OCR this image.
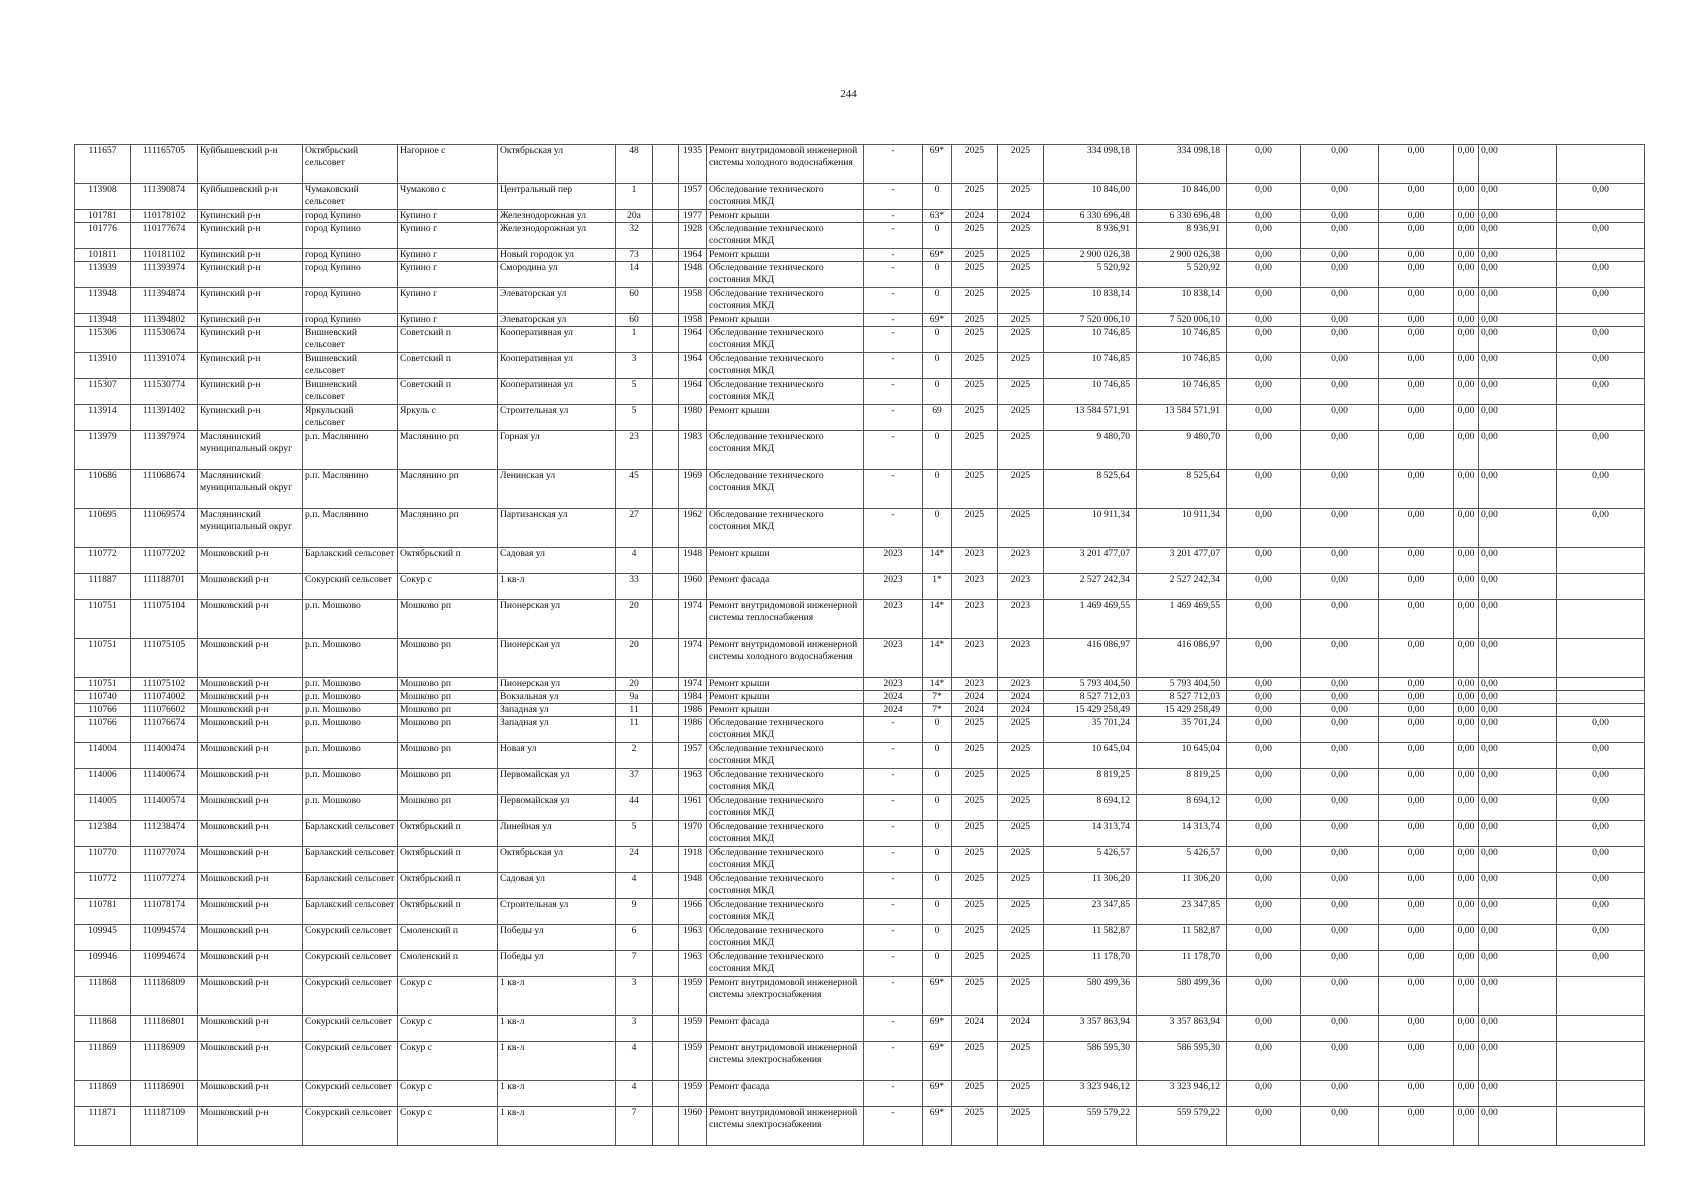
244
111657	111165705	Куйбышевский р-н	Октябрьский сельсовет	Нагорное с	Октябрьская ул	48		1935	Ремонт внутридомовой инженерной системы холодного водоснабжения	-	69*	2025	2025	334 098,18	334 098,18	0,00	0,00	0,00	0,00	0,00	
113908	111390874	Куйбышевский р-н	Чумаковский сельсовет	Чумаково с	Центральный пер	1		1957	Обследование технического состояния МКД	-	0	2025	2025	10 846,00	10 846,00	0,00	0,00	0,00	0,00	0,00	0,00
101781	110178102	Купинский р-н	город Купино	Купино г	Железнодорожная ул	20а		1977	Ремонт крыши	-	63*	2024	2024	6 330 696,48	6 330 696,48	0,00	0,00	0,00	0,00	0,00	
101776	110177674	Купинский р-н	город Купино	Купино г	Железнодорожная ул	32		1928	Обследование технического состояния МКД	-	0	2025	2025	8 936,91	8 936,91	0,00	0,00	0,00	0,00	0,00	0,00
101811	110181102	Купинский р-н	город Купино	Купино г	Новый городок ул	73		1964	Ремонт крыши	-	69*	2025	2025	2 900 026,38	2 900 026,38	0,00	0,00	0,00	0,00	0,00	
113939	111393974	Купинский р-н	город Купино	Купино г	Смородина ул	14		1948	Обследование технического состояния МКД	-	0	2025	2025	5 520,92	5 520,92	0,00	0,00	0,00	0,00	0,00	0,00
113948	111394874	Купинский р-н	город Купино	Купино г	Элеваторская ул	60		1958	Обследование технического состояния МКД	-	0	2025	2025	10 838,14	10 838,14	0,00	0,00	0,00	0,00	0,00	0,00
113948	111394802	Купинский р-н	город Купино	Купино г	Элеваторская ул	60		1958	Ремонт крыши	-	69*	2025	2025	7 520 006,10	7 520 006,10	0,00	0,00	0,00	0,00	0,00	
115306	111530674	Купинский р-н	Вишневский сельсовет	Советский п	Кооперативная ул	1		1964	Обследование технического состояния МКД	-	0	2025	2025	10 746,85	10 746,85	0,00	0,00	0,00	0,00	0,00	0,00
113910	111391074	Купинский р-н	Вишневский сельсовет	Советский п	Кооперативная ул	3		1964	Обследование технического состояния МКД	-	0	2025	2025	10 746,85	10 746,85	0,00	0,00	0,00	0,00	0,00	0,00
115307	111530774	Купинский р-н	Вишневский сельсовет	Советский п	Кооперативная ул	5		1964	Обследование технического состояния МКД	-	0	2025	2025	10 746,85	10 746,85	0,00	0,00	0,00	0,00	0,00	0,00
113914	111391402	Купинский р-н	Яркульский сельсовет	Яркуль с	Строительная ул	5		1980	Ремонт крыши	-	69	2025	2025	13 584 571,91	13 584 571,91	0,00	0,00	0,00	0,00	0,00	
113979	111397974	Маслянинский муниципальный округ	р.п. Маслянино	Маслянино рп	Горная ул	23		1983	Обследование технического состояния МКД	-	0	2025	2025	9 480,70	9 480,70	0,00	0,00	0,00	0,00	0,00	0,00
110686	111068674	Маслянинский муниципальный округ	р.п. Маслянино	Маслянино рп	Ленинская ул	45		1969	Обследование технического состояния МКД	-	0	2025	2025	8 525,64	8 525,64	0,00	0,00	0,00	0,00	0,00	0,00
110695	111069574	Маслянинский муниципальный округ	р.п. Маслянино	Маслянино рп	Партизанская ул	27		1962	Обследование технического состояния МКД	-	0	2025	2025	10 911,34	10 911,34	0,00	0,00	0,00	0,00	0,00	0,00
110772	111077202	Мошковский р-н	Барлакский сельсовет	Октябрьский п	Садовая ул	4		1948	Ремонт крыши	2023	14*	2023	2023	3 201 477,07	3 201 477,07	0,00	0,00	0,00	0,00	0,00	
111887	111188701	Мошковский р-н	Сокурский сельсовет	Сокур с	1 кв-л	33		1960	Ремонт фасада	2023	1*	2023	2023	2 527 242,34	2 527 242,34	0,00	0,00	0,00	0,00	0,00	
110751	111075104	Мошковский р-н	р.п. Мошково	Мошково рп	Пионерская ул	20		1974	Ремонт внутридомовой инженерной системы теплоснабжения	2023	14*	2023	2023	1 469 469,55	1 469 469,55	0,00	0,00	0,00	0,00	0,00	
110751	111075105	Мошковский р-н	р.п. Мошково	Мошково рп	Пионерская ул	20		1974	Ремонт внутридомовой инженерной системы холодного водоснабжения	2023	14*	2023	2023	416 086,97	416 086,97	0,00	0,00	0,00	0,00	0,00	
110751	111075102	Мошковский р-н	р.п. Мошково	Мошково рп	Пионерская ул	20		1974	Ремонт крыши	2023	14*	2023	2023	5 793 404,50	5 793 404,50	0,00	0,00	0,00	0,00	0,00	
110740	111074002	Мошковский р-н	р.п. Мошково	Мошково рп	Вокзальная ул	9а		1984	Ремонт крыши	2024	7*	2024	2024	8 527 712,03	8 527 712,03	0,00	0,00	0,00	0,00	0,00	
110766	111076602	Мошковский р-н	р.п. Мошково	Мошково рп	Западная ул	11		1986	Ремонт крыши	2024	7*	2024	2024	15 429 258,49	15 429 258,49	0,00	0,00	0,00	0,00	0,00	
110766	111076674	Мошковский р-н	р.п. Мошково	Мошково рп	Западная ул	11		1986	Обследование технического состояния МКД	-	0	2025	2025	35 701,24	35 701,24	0,00	0,00	0,00	0,00	0,00	0,00
114004	111400474	Мошковский р-н	р.п. Мошково	Мошково рп	Новая ул	2		1957	Обследование технического состояния МКД	-	0	2025	2025	10 645,04	10 645,04	0,00	0,00	0,00	0,00	0,00	0,00
114006	111400674	Мошковский р-н	р.п. Мошково	Мошково рп	Первомайская ул	37		1963	Обследование технического состояния МКД	-	0	2025	2025	8 819,25	8 819,25	0,00	0,00	0,00	0,00	0,00	0,00
114005	111400574	Мошковский р-н	р.п. Мошково	Мошково рп	Первомайская ул	44		1961	Обследование технического состояния МКД	-	0	2025	2025	8 694,12	8 694,12	0,00	0,00	0,00	0,00	0,00	0,00
112384	111238474	Мошковский р-н	Барлакский сельсовет	Октябрьский п	Линейная ул	5		1970	Обследование технического состояния МКД	-	0	2025	2025	14 313,74	14 313,74	0,00	0,00	0,00	0,00	0,00	0,00
110770	111077074	Мошковский р-н	Барлакский сельсовет	Октябрьский п	Октябрьская ул	24		1918	Обследование технического состояния МКД	-	0	2025	2025	5 426,57	5 426,57	0,00	0,00	0,00	0,00	0,00	0,00
110772	111077274	Мошковский р-н	Барлакский сельсовет	Октябрьский п	Садовая ул	4		1948	Обследование технического состояния МКД	-	0	2025	2025	11 306,20	11 306,20	0,00	0,00	0,00	0,00	0,00	0,00
110781	111078174	Мошковский р-н	Барлакский сельсовет	Октябрьский п	Строительная ул	9		1966	Обследование технического состояния МКД	-	0	2025	2025	23 347,85	23 347,85	0,00	0,00	0,00	0,00	0,00	0,00
109945	110994574	Мошковский р-н	Сокурский сельсовет	Смоленский п	Победы ул	6		1963	Обследование технического состояния МКД	-	0	2025	2025	11 582,87	11 582,87	0,00	0,00	0,00	0,00	0,00	0,00
109946	110994674	Мошковский р-н	Сокурский сельсовет	Смоленский п	Победы ул	7		1963	Обследование технического состояния МКД	-	0	2025	2025	11 178,70	11 178,70	0,00	0,00	0,00	0,00	0,00	0,00
111868	111186809	Мошковский р-н	Сокурский сельсовет	Сокур с	1 кв-л	3		1959	Ремонт внутридомовой инженерной системы электроснабжения	-	69*	2025	2025	580 499,36	580 499,36	0,00	0,00	0,00	0,00	0,00	
111868	111186801	Мошковский р-н	Сокурский сельсовет	Сокур с	1 кв-л	3		1959	Ремонт фасада	-	69*	2024	2024	3 357 863,94	3 357 863,94	0,00	0,00	0,00	0,00	0,00	
111869	111186909	Мошковский р-н	Сокурский сельсовет	Сокур с	1 кв-л	4		1959	Ремонт внутридомовой инженерной системы электроснабжения	-	69*	2025	2025	586 595,30	586 595,30	0,00	0,00	0,00	0,00	0,00	
111869	111186901	Мошковский р-н	Сокурский сельсовет	Сокур с	1 кв-л	4		1959	Ремонт фасада	-	69*	2025	2025	3 323 946,12	3 323 946,12	0,00	0,00	0,00	0,00	0,00	
111871	111187109	Мошковский р-н	Сокурский сельсовет	Сокур с	1 кв-л	7		1960	Ремонт внутридомовой инженерной системы электроснабжения	-	69*	2025	2025	559 579,22	559 579,22	0,00	0,00	0,00	0,00	0,00	
